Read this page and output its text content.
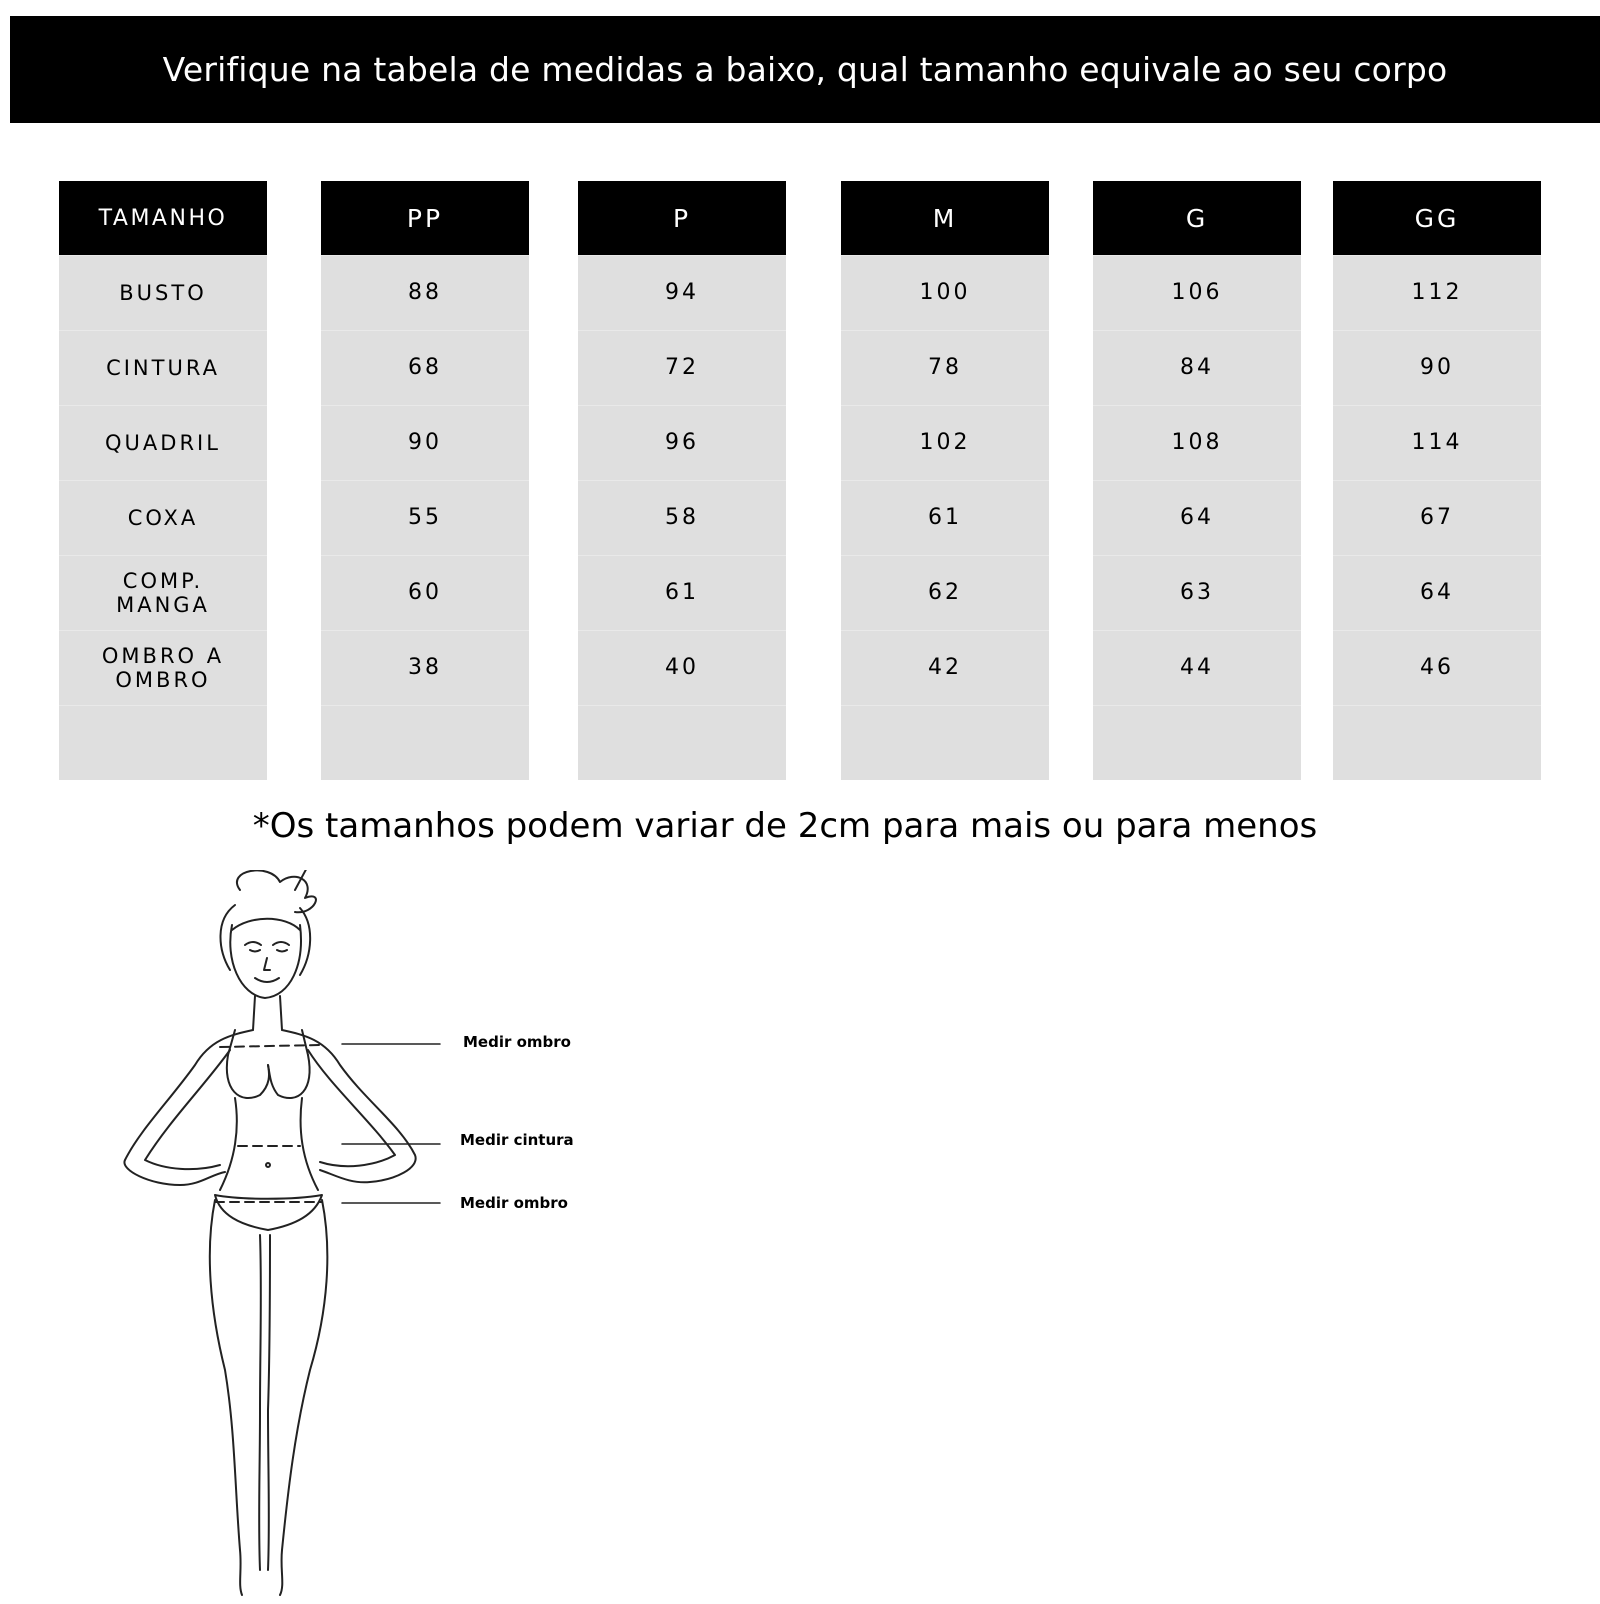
Verifique na tabela de medidas a baixo, qual tamanho equivale ao seu corpo
TAMANHO
BUSTO
CINTURA
QUADRIL
COXA
COMP.
MANGA
OMBRO A
OMBRO
PP
88
68
90
55
60
38
P
94
72
96
58
61
40
M
100
78
102
61
62
42
G
106
84
108
64
63
44
GG
112
90
114
67
64
46
*Os tamanhos podem variar de 2cm para mais ou para menos
Medir ombro
Medir cintura
Medir ombro
